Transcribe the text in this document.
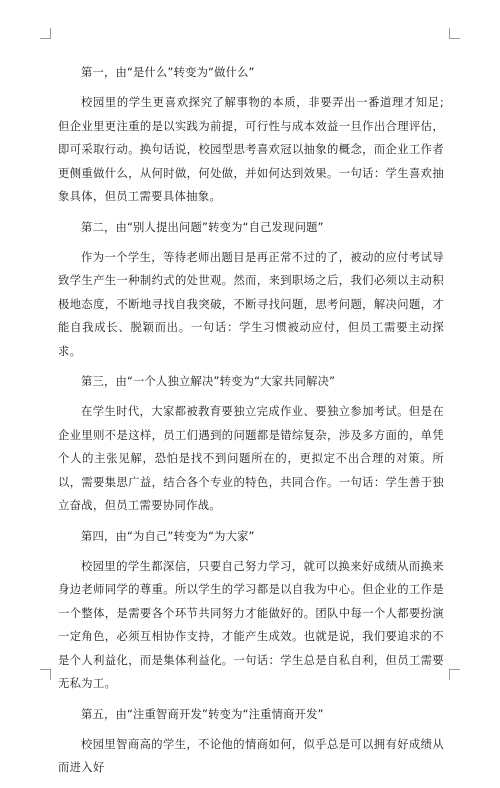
第一，由“是什么”转变为“做什么”

校园里的学生更喜欢探究了解事物的本质，非要弄出一番道理才知足;但企业里更注重的是以实践为前提，可行性与成本效益一旦作出合理评估，即可采取行动。换句话说，校园型思考喜欢冠以抽象的概念，而企业工作者更侧重做什么，从何时做，何处做，并如何达到效果。一句话：学生喜欢抽象具体，但员工需要具体抽象。

第二，由“别人提出问题”转变为“自己发现问题”

作为一个学生，等待老师出题目是再正常不过的了，被动的应付考试导致学生产生一种制约式的处世观。然而，来到职场之后，我们必须以主动积极地态度，不断地寻找自我突破，不断寻找问题，思考问题，解决问题，才能自我成长、脱颖而出。一句话：学生习惯被动应付，但员工需要主动探求。

第三，由“一个人独立解决”转变为“大家共同解决”

在学生时代，大家都被教育要独立完成作业、要独立参加考试。但是在企业里则不是这样，员工们遇到的问题都是错综复杂，涉及多方面的，单凭个人的主张见解，恐怕是找不到问题所在的，更拟定不出合理的对策。所以，需要集思广益，结合各个专业的特色，共同合作。一句话：学生善于独立奋战，但员工需要协同作战。

第四，由“为自己”转变为“为大家”

校园里的学生都深信，只要自己努力学习，就可以换来好成绩从而换来身边老师同学的尊重。所以学生的学习都是以自我为中心。但企业的工作是一个整体，是需要各个环节共同努力才能做好的。团队中每一个人都要扮演一定角色，必须互相协作支持，才能产生成效。也就是说，我们要追求的不是个人利益化，而是集体利益化。一句话：学生总是自私自利，但员工需要无私为工。

第五，由“注重智商开发”转变为“注重情商开发”

校园里智商高的学生，不论他的情商如何，似乎总是可以拥有好成绩从而进入好
